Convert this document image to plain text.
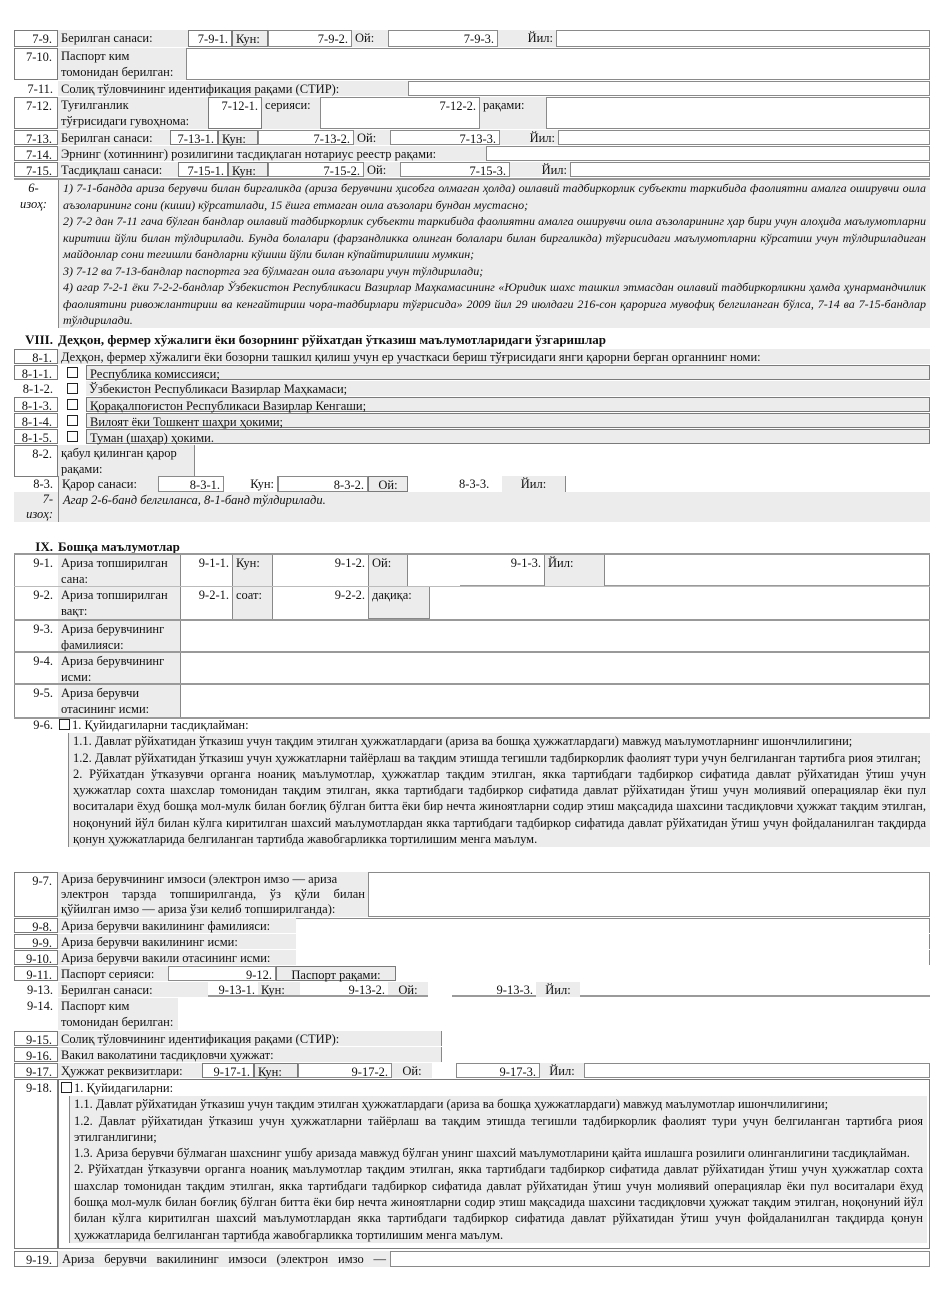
7-9. Берилган санаси:	7-9-1. Кун:	7-9-2. Ой:	7-9-3.	Йил:
7-10. Паспорт ким
томонидан берилган:
7-11. Солиқ тўловчининг идентификация рақами (СТИР):
7-12. Туғилганлик
тўғрисидаги гувоҳнома:
7-12-1. серияси:	7-12-2. рақами:
7-13. Берилган санаси:	7-13-1. Кун:	7-13-2. Ой:	7-13-3.	Йил:
7-14. Эрнинг (хотиннинг) розилигини тасдиқлаган нотариус реестр рақами:
7-15. Тасдиқлаш санаси:	7-15-1. Кун:	7-15-2. Ой:	7-15-3.	Йил:
6-
изоҳ:
1) 7-1-бандда ариза берувчи билан биргаликда (ариза берувчини ҳисобга олмаган ҳолда) оилавий тадбиркорлик субъекти таркибида фаолиятни амалга оширувчи оила аъзоларининг сони (киши) кўрсатилади, 15 ёшга етмаган оила аъзолари бундан мустасно;
2) 7-2 дан 7-11 гача бўлган бандлар оилавий тадбиркорлик субъекти таркибида фаолиятни амалга оширувчи оила аъзоларининг ҳар бири учун алоҳида маълумотларни киритиш йўли билан тўлдирилади. Бунда болалари (фарзандликка олинган болалари билан биргаликда) тўғрисидаги маълумотларни кўрсатиш учун тўлдириладиган майдонлар сони тегишли бандларни кўшиш йўли билан кўпайтирилиши мумкин;
3) 7-12 ва 7-13-бандлар паспортга эга бўлмаган оила аъзолари учун тўлдирилади;
4) агар 7-2-1 ёки 7-2-2-бандлар Ўзбекистон Республикаси Вазирлар Маҳкамасининг «Юридик шахс ташкил этмасдан оилавий тадбиркорликни ҳамда ҳунармандчилик фаолиятини ривожлантириш ва кенгайтириш чора-тадбирлари тўғрисида» 2009 йил 29 июлдаги 216-сон қарорига мувофиқ белгиланган бўлса, 7-14 ва 7-15-бандлар тўлдирилади.
VIII. Деҳқон, фермер хўжалиги ёки бозорнинг рўйхатдан ўтказиш маълумотларидаги ўзгаришлар
8-1. Деҳқон, фермер хўжалиги ёки бозорни ташкил қилиш учун ер участкаси бериш тўғрисидаги янги қарорни берган органнинг номи:
8-1-1.	Республика комиссияси;
8-1-2.	Ўзбекистон Республикаси Вазирлар Маҳкамаси;
8-1-3.	Қорақалпоғистон Республикаси Вазирлар Кенгаши;
8-1-4.	Вилоят ёки Тошкент шаҳри ҳокими;
8-1-5.	Туман (шаҳар) ҳокими.
8-2. қабул қилинган қарор
рақами:
8-3. Қарор санаси:	8-3-1.	Кун:	8-3-2.	Ой:	8-3-3.	Йил:
7-
изоҳ:
Агар 2-6-банд белгиланса, 8-1-банд тўлдирилади.
IX. Бошқа маълумотлар
9-1. Ариза топширилган
сана:
9-1-1. Кун:	9-1-2. Ой:	9-1-3. Йил:
9-2. Ариза топширилган
вақт:
9-2-1. соат:	9-2-2. дақиқа:
9-3. Ариза берувчининг
фамилияси:
9-4. Ариза берувчининг
исми:
9-5. Ариза берувчи
отасининг исми:
9-6.	1. Қуйидагиларни тасдиқлайман:
1.1. Давлат рўйхатидан ўтказиш учун тақдим этилган ҳужжатлардаги (ариза ва бошқа ҳужжатлардаги) мавжуд маълумотларнинг ишончлилигини;
1.2. Давлат рўйхатидан ўтказиш учун ҳужжатларни тайёрлаш ва тақдим этишда тегишли тадбиркорлик фаолият тури учун белгиланган тартибга риоя этилган;
2. Рўйхатдан ўтказувчи органга ноаниқ маълумотлар, ҳужжатлар тақдим этилган, якка тартибдаги тадбиркор сифатида давлат рўйхатидан ўтиш учун ҳужжатлар сохта шахслар томонидан тақдим этилган, якка тартибдаги тадбиркор сифатида давлат рўйхатидан ўтиш учун молиявий операциялар ёки пул воситалари ёхуд бошқа мол-мулк билан боғлиқ бўлган битта ёки бир нечта жиноятларни содир этиш мақсадида шахсини тасдиқловчи ҳужжат тақдим этилган, ноқонуний йўл билан кўлга киритилган шахсий маълумотлардан якка тартибдаги тадбиркор сифатида давлат рўйхатидан ўтиш учун фойдаланилган тақдирда қонун ҳужжатларида белгиланган тартибда жавобгарликка тортилишим менга маълум.
9-7. Ариза берувчининг имзоси (электрон имзо — ариза
электрон тарзда топширилганда, ўз қўли билан
қўйилган имзо — ариза ўзи келиб топширилганда):
9-8. Ариза берувчи вакилининг фамилияси:
9-9. Ариза берувчи вакилининг исми:
9-10. Ариза берувчи вакили отасининг исми:
9-11. Паспорт серияси:	9-12.	Паспорт рақами:
9-13. Берилган санаси:	9-13-1. Кун:	9-13-2.	Ой:	9-13-3. Йил:
9-14. Паспорт ким
томонидан берилган:
9-15. Солиқ тўловчининг идентификация рақами (СТИР):
9-16. Вакил ваколатини тасдиқловчи ҳужжат:
9-17. Ҳужжат реквизитлари:	9-17-1. Кун:	9-17-2.	Ой:	9-17-3.	Йил:
9-18.	1. Қуйидагиларни:
1.1. Давлат рўйхатидан ўтказиш учун тақдим этилган ҳужжатлардаги (ариза ва бошқа ҳужжатлардаги) мавжуд маълумотлар ишончлилигини;
1.2. Давлат рўйхатидан ўтказиш учун ҳужжатларни тайёрлаш ва тақдим этишда тегишли тадбиркорлик фаолият тури учун белгиланган тартибга риоя этилганлигини;
1.3. Ариза берувчи бўлмаган шахснинг ушбу аризада мавжуд бўлган унинг шахсий маълумотларини қайта ишлашга розилиги олинганлигини тасдиқлайман.
2. Рўйхатдан ўтказувчи органга ноаниқ маълумотлар тақдим этилган, якка тартибдаги тадбиркор сифатида давлат рўйхатидан ўтиш учун ҳужжатлар сохта шахслар томонидан тақдим этилган, якка тартибдаги тадбиркор сифатида давлат рўйхатидан ўтиш учун молиявий операциялар ёки пул воситалари ёхуд бошқа мол-мулк билан боғлиқ бўлган битта ёки бир нечта жиноятларни содир этиш мақсадида шахсини тасдиқловчи ҳужжат тақдим этилган, ноқонуний йўл билан кўлга киритилган шахсий маълумотлардан якка тартибдаги тадбиркор сифатида давлат рўйхатидан ўтиш учун фойдаланилган тақдирда қонун ҳужжатларида белгиланган тартибда жавобгарликка тортилишим менга маълум.
9-19. Ариза берувчи вакилининг имзоси (электрон имзо —
